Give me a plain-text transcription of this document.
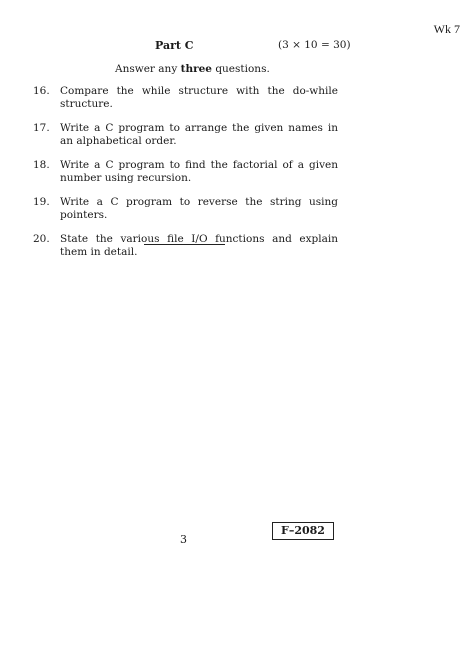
Wk 7
Part C	(3 × 10 = 30)
Answer any three questions.
16. Compare the while structure with the do-while structure.
17. Write a C program to arrange the given names in an alphabetical order.
18. Write a C program to find the factorial of a given number using recursion.
19. Write a C program to reverse the string using pointers.
20. State the various file I/O functions and explain them in detail.
3
F–2082
